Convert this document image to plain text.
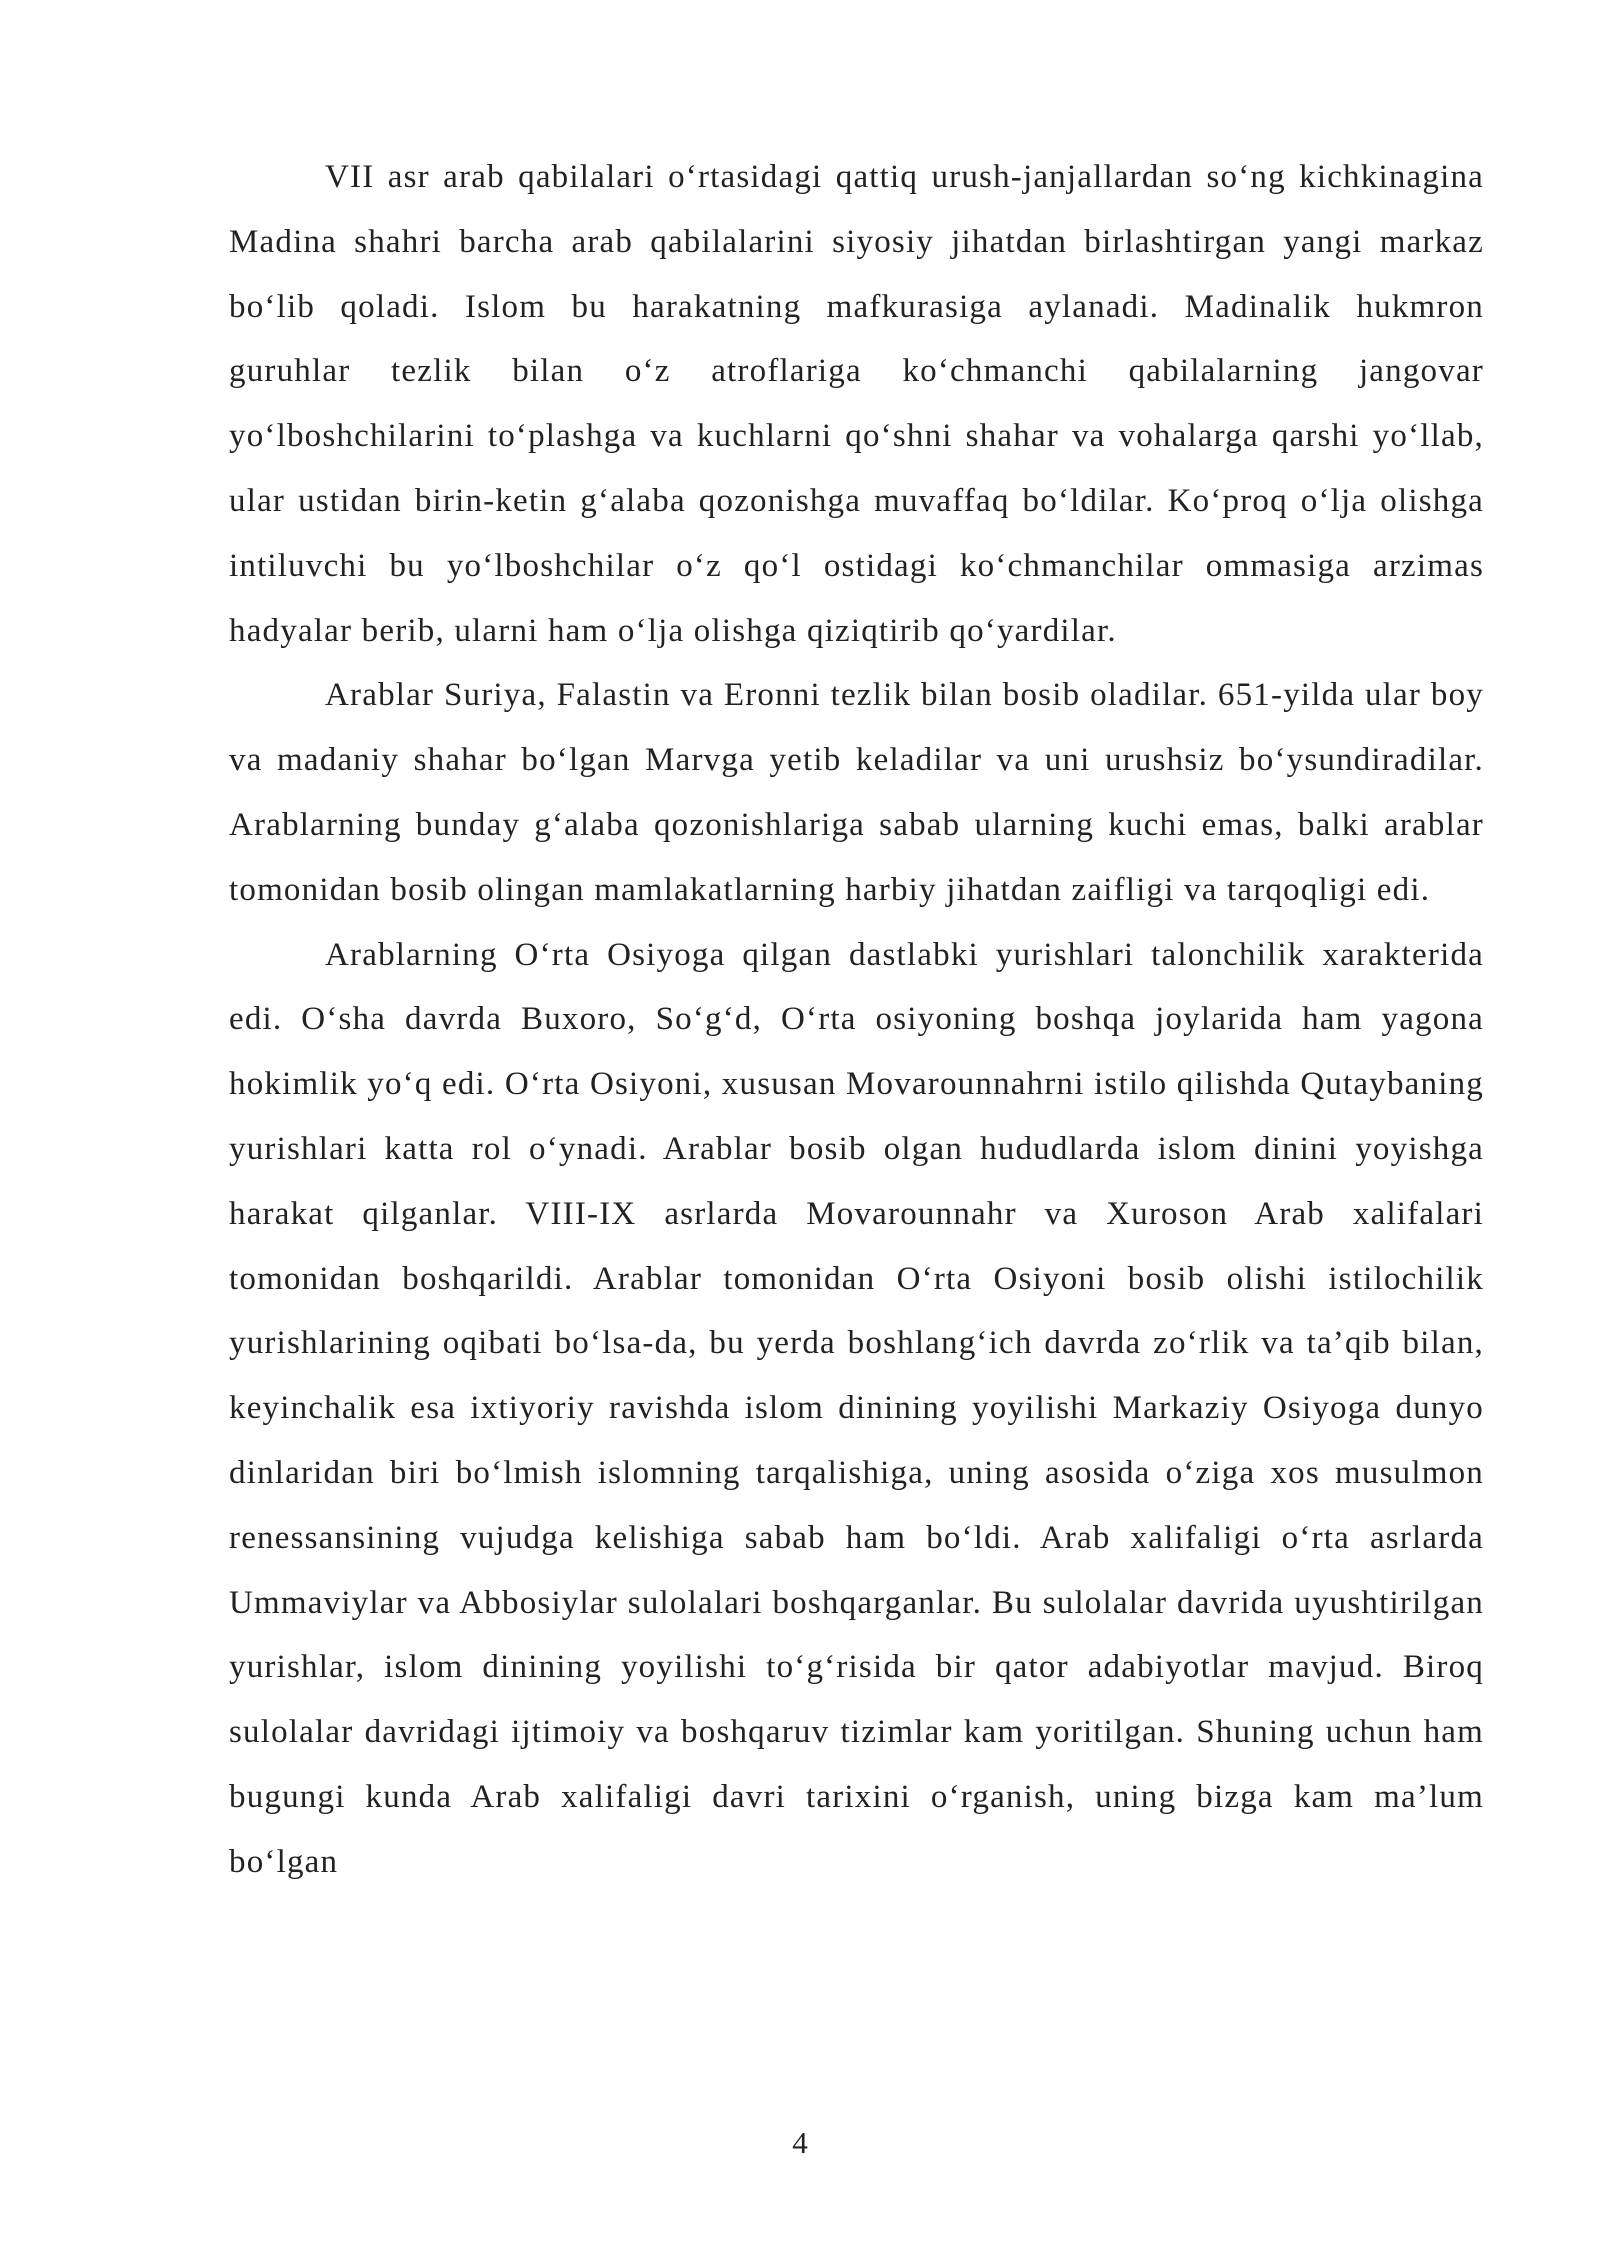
VII asr arab qabilalari o‘rtasidagi qattiq urush-janjallardan so‘ng kichkinagina Madina shahri barcha arab qabilalarini siyosiy jihatdan birlashtirgan yangi markaz bo‘lib qoladi. Islom bu harakatning mafkurasiga aylanadi. Madinalik hukmron guruhlar tezlik bilan o‘z atroflariga ko‘chmanchi qabilalarning jangovar yo‘lboshchilarini to‘plashga va kuchlarni qo‘shni shahar va vohalarga qarshi yo‘llab, ular ustidan birin-ketin g‘alaba qozonishga muvaffaq bo‘ldilar. Ko‘proq o‘lja olishga intiluvchi bu yo‘lboshchilar o‘z qo‘l ostidagi ko‘chmanchilar ommasiga arzimas hadyalar berib, ularni ham o‘lja olishga qiziqtirib qo‘yardilar.

Arablar Suriya, Falastin va Eronni tezlik bilan bosib oladilar. 651-yilda ular boy va madaniy shahar bo‘lgan Marvga yetib keladilar va uni urushsiz bo‘ysundiradilar. Arablarning bunday g‘alaba qozonishlariga sabab ularning kuchi emas, balki arablar tomonidan bosib olingan mamlakatlarning harbiy jihatdan zaifligi va tarqoqligi edi.

Arablarning O‘rta Osiyoga qilgan dastlabki yurishlari talonchilik xarakterida edi. O‘sha davrda Buxoro, So‘g‘d, O‘rta osiyoning boshqa joylarida ham yagona hokimlik yo‘q edi. O‘rta Osiyoni, xususan Movarounnahrni istilo qilishda Qutaybaning yurishlari katta rol o‘ynadi. Arablar bosib olgan hududlarda islom dinini yoyishga harakat qilganlar. VIII-IX asrlarda Movarounnahr va Xuroson Arab xalifalari tomonidan boshqarildi. Arablar tomonidan O‘rta Osiyoni bosib olishi istilochilik yurishlarining oqibati bo‘lsa-da, bu yerda boshlang‘ich davrda zo‘rlik va ta’qib bilan, keyinchalik esa ixtiyoriy ravishda islom dinining yoyilishi Markaziy Osiyoga dunyo dinlaridan biri bo‘lmish islomning tarqalishiga, uning asosida o‘ziga xos musulmon renessansining vujudga kelishiga sabab ham bo‘ldi. Arab xalifaligi o‘rta asrlarda Ummaviylar va Abbosiylar sulolalari boshqarganlar. Bu sulolalar davrida uyushtirilgan yurishlar, islom dinining yoyilishi to‘g‘risida bir qator adabiyotlar mavjud. Biroq sulolalar davridagi ijtimoiy va boshqaruv tizimlar kam yoritilgan. Shuning uchun ham bugungi kunda Arab xalifaligi davri tarixini o‘rganish, uning bizga kam ma’lum bo‘lgan

4
